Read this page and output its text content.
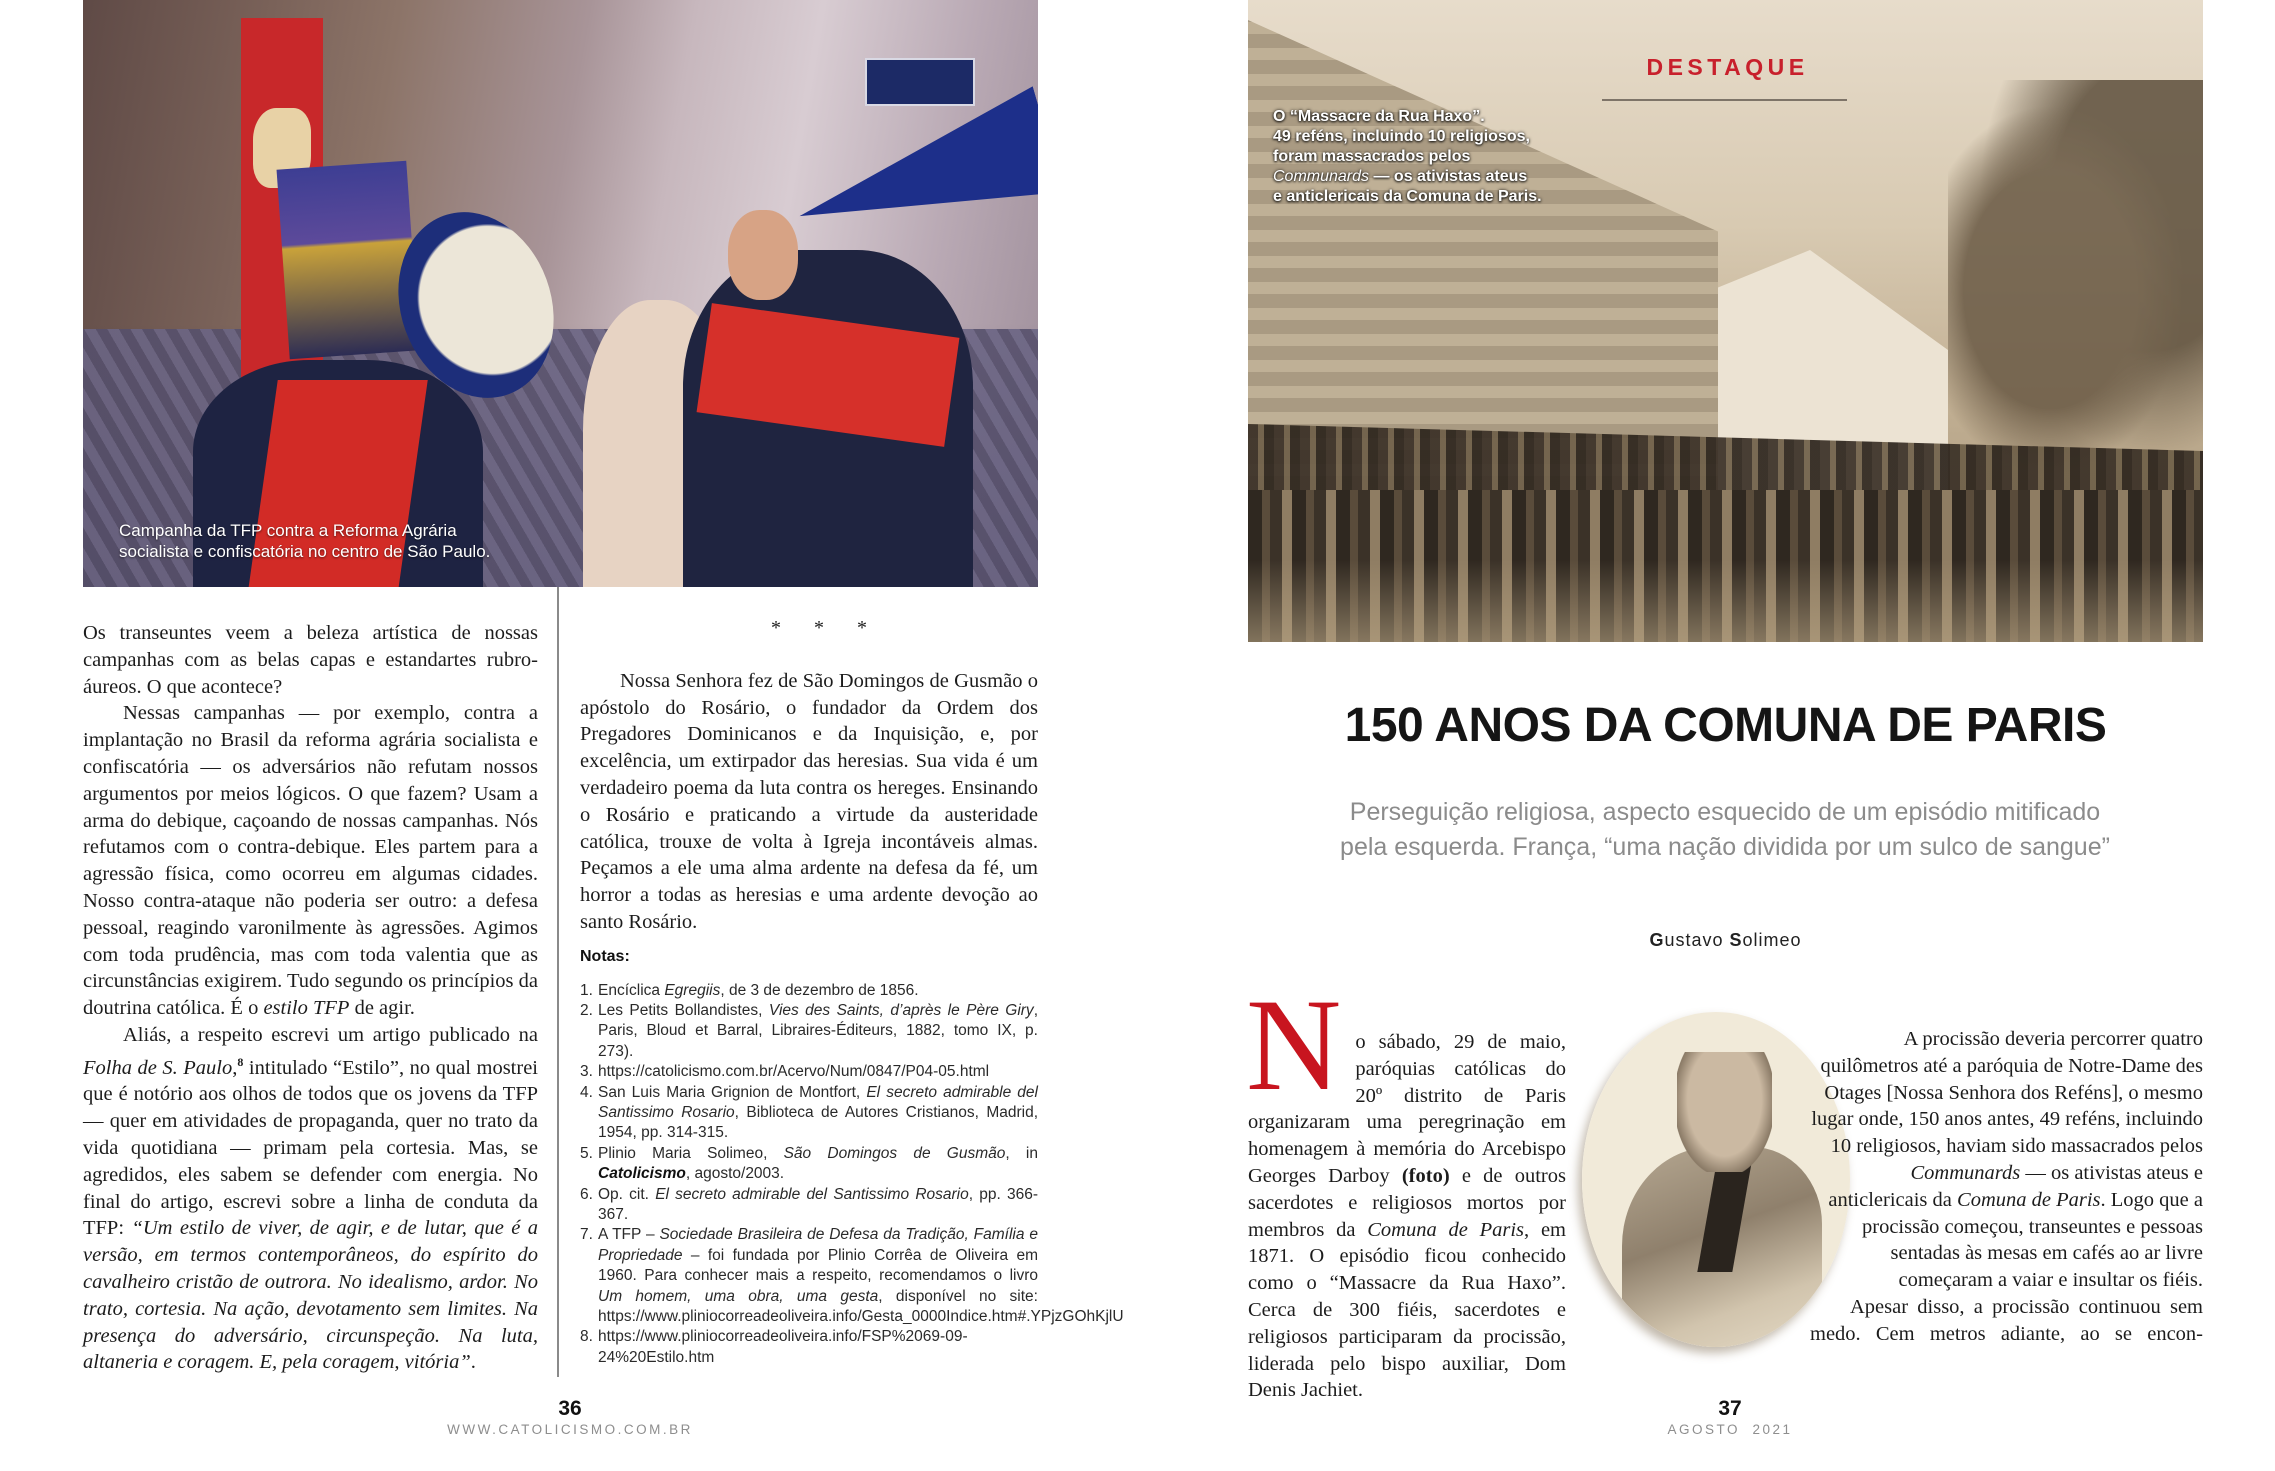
Campanha da TFP contra a Reforma Agrária
socialista e confiscatória no centro de São Paulo.

Os transeuntes veem a beleza artística de nossas campanhas com as belas capas e estandartes rubro-áureos. O que acontece?

Nessas campanhas — por exemplo, contra a implantação no Brasil da reforma agrária socialista e confiscatória — os adversários não refutam nossos argumentos por meios lógicos. O que fazem? Usam a arma do debique, caçoando de nossas campanhas. Nós refutamos com o contra-debique. Eles partem para a agressão física, como ocorreu em algumas cidades. Nosso contra-ataque não poderia ser outro: a defesa pessoal, reagindo varonilmente às agressões. Agimos com toda prudência, mas com toda valentia que as circunstâncias exigirem. Tudo segundo os princípios da doutrina católica. É o estilo TFP de agir.

Aliás, a respeito escrevi um artigo publicado na Folha de S. Paulo,$^8$ intitulado “Estilo”, no qual mostrei que é notório aos olhos de todos que os jovens da TFP — quer em atividades de propaganda, quer no trato da vida quotidiana — primam pela cortesia. Mas, se agredidos, eles sabem se defender com energia. No final do artigo, escrevi sobre a linha de conduta da TFP: “Um estilo de viver, de agir, e de lutar, que é a versão, em termos contemporâneos, do espírito do cavalheiro cristão de outrora. No idealismo, ardor. No trato, cortesia. Na ação, devotamento sem limites. Na presença do adversário, circunspeção. Na luta, altaneria e coragem. E, pela coragem, vitória”.

* * *

Nossa Senhora fez de São Domingos de Gusmão o apóstolo do Rosário, o fundador da Ordem dos Pregadores Dominicanos e da Inquisição, e, por excelência, um extirpador das heresias. Sua vida é um verdadeiro poema da luta contra os hereges. Ensinando o Rosário e praticando a virtude da austeridade católica, trouxe de volta à Igreja incontáveis almas. Peçamos a ele uma alma ardente na defesa da fé, um horror a todas as heresias e uma ardente devoção ao santo Rosário.

Notas:
1. Encíclica Egregiis, de 3 de dezembro de 1856.
2. Les Petits Bollandistes, Vies des Saints, d’après le Père Giry, Paris, Bloud et Barral, Libraires-Éditeurs, 1882, tomo IX, p. 273).
3. https://catolicismo.com.br/Acervo/Num/0847/P04-05.html
4. San Luis Maria Grignion de Montfort, El secreto admirable del Santissimo Rosario, Biblioteca de Autores Cristianos, Madrid, 1954, pp. 314-315.
5. Plinio Maria Solimeo, São Domingos de Gusmão, in Catolicismo, agosto/2003.
6. Op. cit. El secreto admirable del Santissimo Rosario, pp. 366-367.
7. A TFP – Sociedade Brasileira de Defesa da Tradição, Família e Propriedade – foi fundada por Plinio Corrêa de Oliveira em 1960. Para conhecer mais a respeito, recomendamos o livro Um homem, uma obra, uma gesta, disponível no site: https://www.pliniocorreadeoliveira.info/Gesta_0000Indice.htm#.YPjzGOhKjlU
8. https://www.pliniocorreadeoliveira.info/FSP%2069-09-24%20Estilo.htm
36
WWW.CATOLICISMO.COM.BR
O “Massacre da Rua Haxo”.
49 reféns, incluindo 10 religiosos,
foram massacrados pelos
Communards — os ativistas ateus
e anticlericais da Comuna de Paris.
DESTAQUE
150 ANOS DA COMUNA DE PARIS
Perseguição religiosa, aspecto esquecido de um episódio mitificado
pela esquerda. França, “uma nação dividida por um sulco de sangue”
Gustavo Solimeo
N o sábado, 29 de maio, paróquias católicas do 20º distrito de Paris organizaram uma peregrinação em homenagem à memória do Arcebispo Georges Darboy (foto) e de outros sacerdotes e religiosos mortos por membros da Comuna de Paris, em 1871. O episódio ficou conhecido como o “Massacre da Rua Haxo”. Cerca de 300 fiéis, sacerdotes e religiosos participaram da procissão, liderada pelo bispo auxiliar, Dom Denis Jachiet.

A procissão deveria percorrer quatro quilômetros até a paróquia de Notre-Dame des Otages [Nossa Senhora dos Reféns], o mesmo lugar onde, 150 anos antes, 49 reféns, incluindo 10 religiosos, haviam sido massacrados pelos Communards — os ativistas ateus e anticlericais da Comuna de Paris. Logo que a procissão começou, transeuntes e pessoas sentadas às mesas em cafés ao ar livre começaram a vaiar e insultar os fiéis.

Apesar disso, a procissão continuou sem medo. Cem metros adiante, ao se encon-

37
AGOSTO  2021
